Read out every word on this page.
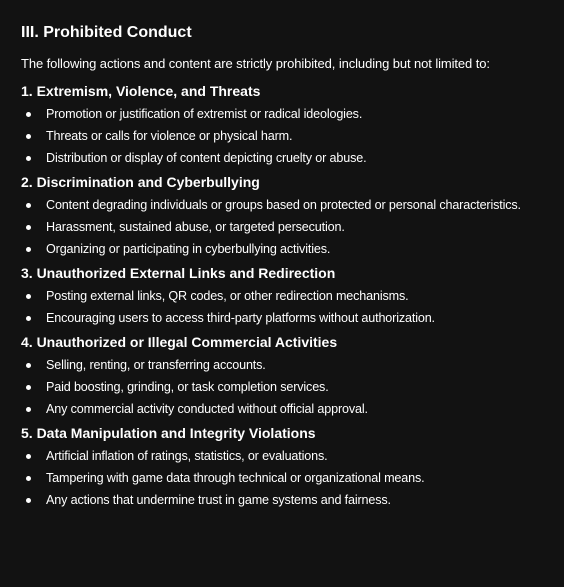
III. Prohibited Conduct
The following actions and content are strictly prohibited, including but not limited to:
1. Extremism, Violence, and Threats
Promotion or justification of extremist or radical ideologies.
Threats or calls for violence or physical harm.
Distribution or display of content depicting cruelty or abuse.
2. Discrimination and Cyberbullying
Content degrading individuals or groups based on protected or personal characteristics.
Harassment, sustained abuse, or targeted persecution.
Organizing or participating in cyberbullying activities.
3. Unauthorized External Links and Redirection
Posting external links, QR codes, or other redirection mechanisms.
Encouraging users to access third-party platforms without authorization.
4. Unauthorized or Illegal Commercial Activities
Selling, renting, or transferring accounts.
Paid boosting, grinding, or task completion services.
Any commercial activity conducted without official approval.
5. Data Manipulation and Integrity Violations
Artificial inflation of ratings, statistics, or evaluations.
Tampering with game data through technical or organizational means.
Any actions that undermine trust in game systems and fairness.
